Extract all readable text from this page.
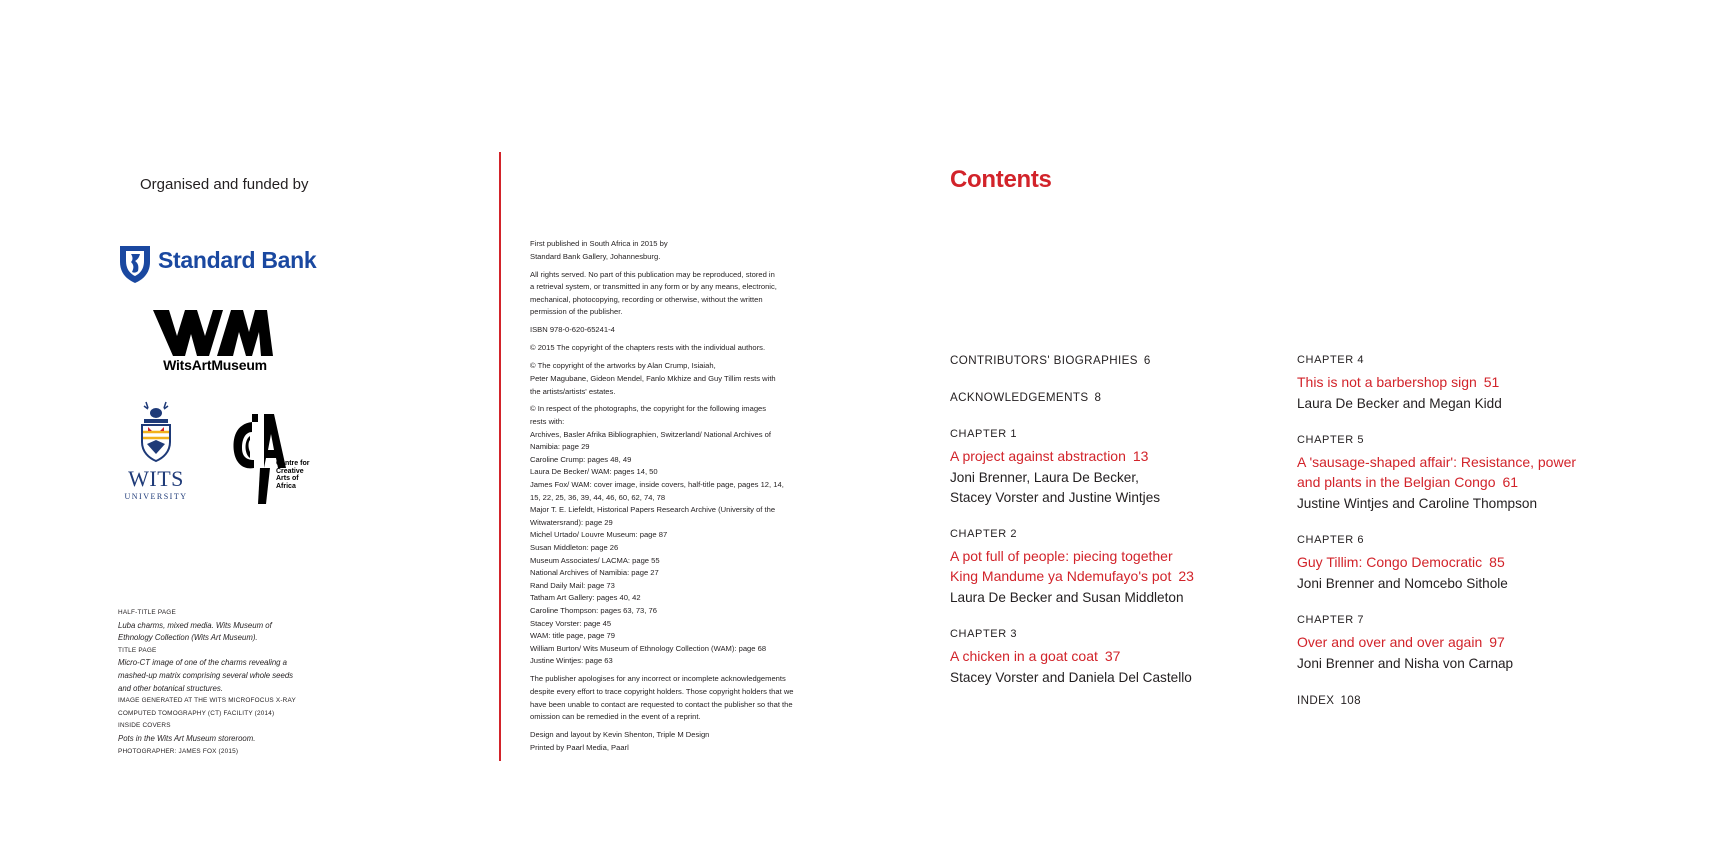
Organised and funded by
Standard Bank
WitsArtMuseum
WITS
UNIVERSITY
Centre for
Creative
Arts of
Africa
HALF-TITLE PAGE
Luba charms, mixed media. Wits Museum of Ethnology Collection (Wits Art Museum).
TITLE PAGE
Micro-CT image of one of the charms revealing a mashed-up matrix comprising several whole seeds and other botanical structures.
IMAGE GENERATED AT THE WITS MICROFOCUS X-RAY COMPUTED TOMOGRAPHY (CT) FACILITY (2014)
INSIDE COVERS
Pots in the Wits Art Museum storeroom.
PHOTOGRAPHER: JAMES FOX (2015)

First published in South Africa in 2015 by
Standard Bank Gallery, Johannesburg.

All rights served. No part of this publication may be reproduced, stored in
a retrieval system, or transmitted in any form or by any means, electronic,
mechanical, photocopying, recording or otherwise, without the written
permission of the publisher.

ISBN 978-0-620-65241-4

© 2015 The copyright of the chapters rests with the individual authors.

© The copyright of the artworks by Alan Crump, Isiaiah,
Peter Magubane, Gideon Mendel, Fanlo Mkhize and Guy Tillim rests with
the artists/artists' estates.

© In respect of the photographs, the copyright for the following images
rests with:
Archives, Basler Afrika Bibliographien, Switzerland/ National Archives of
Namibia: page 29
Caroline Crump: pages 48, 49
Laura De Becker/ WAM: pages 14, 50
James Fox/ WAM: cover image, inside covers, half-title page, pages 12, 14,
15, 22, 25, 36, 39, 44, 46, 60, 62, 74, 78
Major T. E. Liefeldt, Historical Papers Research Archive (University of the
Witwatersrand): page 29
Michel Urtado/ Louvre Museum: page 87
Susan Middleton: page 26
Museum Associates/ LACMA: page 55
National Archives of Namibia: page 27
Rand Daily Mail: page 73
Tatham Art Gallery: pages 40, 42
Caroline Thompson: pages 63, 73, 76
Stacey Vorster: page 45
WAM: title page, page 79
William Burton/ Wits Museum of Ethnology Collection (WAM): page 68
Justine Wintjes: page 63

The publisher apologises for any incorrect or incomplete acknowledgements
despite every effort to trace copyright holders. Those copyright holders that we
have been unable to contact are requested to contact the publisher so that the
omission can be remedied in the event of a reprint.

Design and layout by Kevin Shenton, Triple M Design
Printed by Paarl Media, Paarl

Contents
CONTRIBUTORS' BIOGRAPHIES 6
ACKNOWLEDGEMENTS 8
CHAPTER 1
A project against abstraction 13
Joni Brenner, Laura De Becker,
Stacey Vorster and Justine Wintjes
CHAPTER 2
A pot full of people: piecing together
King Mandume ya Ndemufayo's pot 23
Laura De Becker and Susan Middleton
CHAPTER 3
A chicken in a goat coat 37
Stacey Vorster and Daniela Del Castello
CHAPTER 4
This is not a barbershop sign 51
Laura De Becker and Megan Kidd
CHAPTER 5
A 'sausage-shaped affair': Resistance, power
and plants in the Belgian Congo 61
Justine Wintjes and Caroline Thompson
CHAPTER 6
Guy Tillim: Congo Democratic 85
Joni Brenner and Nomcebo Sithole
CHAPTER 7
Over and over and over again 97
Joni Brenner and Nisha von Carnap
INDEX 108
